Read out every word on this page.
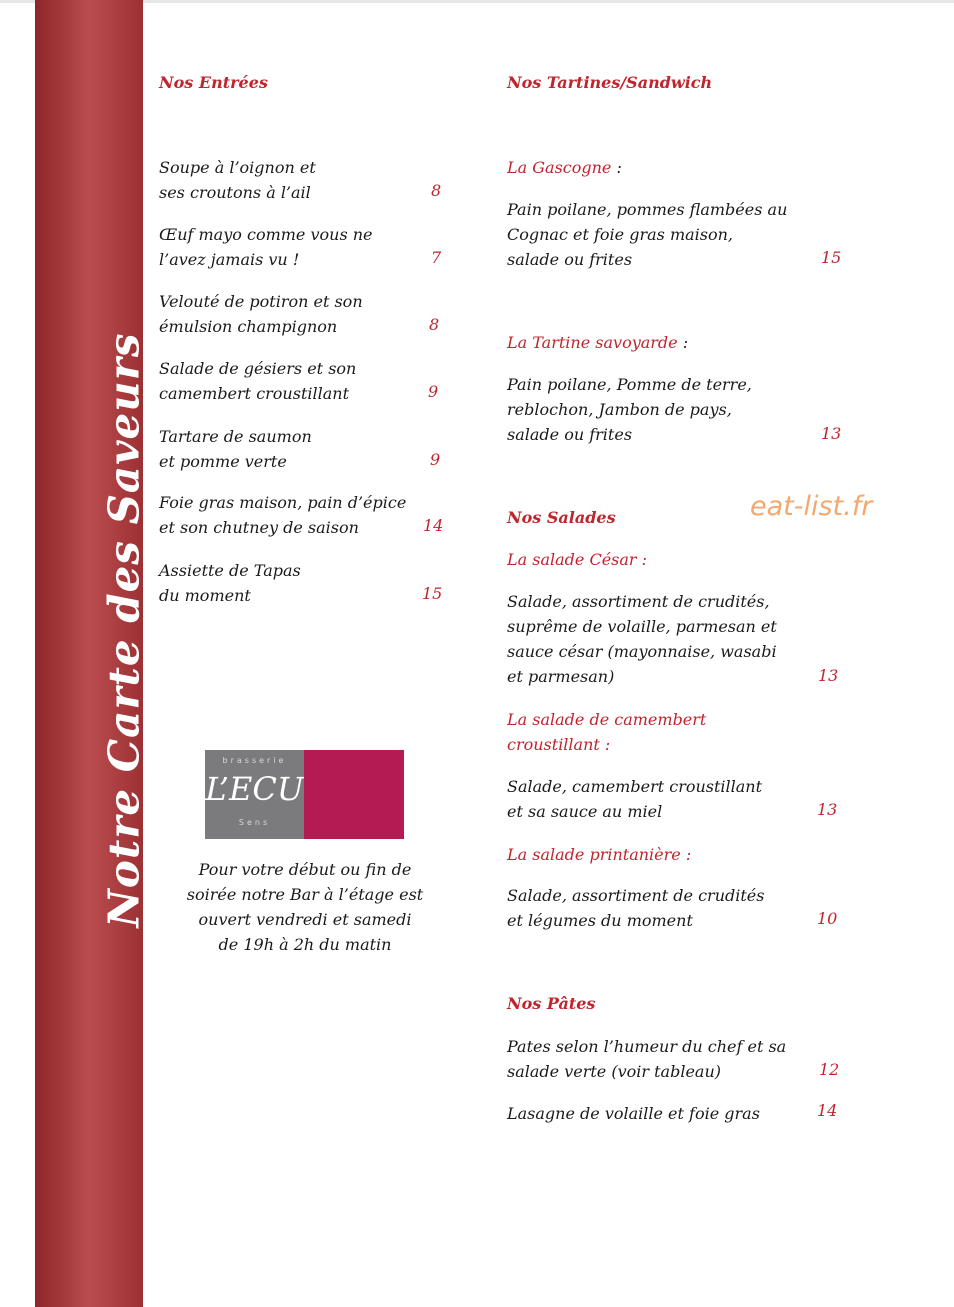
Notre Carte des Saveurs
Nos Entrées
Soupe à l’oignon et
ses croutons à l’ail	8
Œuf mayo comme vous ne
l’avez jamais vu !	7
Velouté de potiron et son
émulsion champignon	8
Salade de gésiers et son
camembert croustillant	9
Tartare de saumon
et pomme verte	9
Foie gras maison, pain d’épice
et son chutney de saison	14
Assiette de Tapas
du moment	15
brasserie
L’ECU
Sens
Pour votre début ou fin de
soirée notre Bar à l’étage est
ouvert vendredi et samedi
de 19h à 2h du matin
Nos Tartines/Sandwich
La Gascogne :
Pain poilane, pommes flambées au
Cognac et foie gras maison,
salade ou frites	15
La Tartine savoyarde :
Pain poilane, Pomme de terre,
reblochon, Jambon de pays,
salade ou frites	13
eat-list.fr
Nos Salades
La salade César :
Salade, assortiment de crudités,
suprême de volaille, parmesan et
sauce césar (mayonnaise, wasabi
et parmesan)	13
La salade de camembert
croustillant :
Salade, camembert croustillant
et sa sauce au miel	13
La salade printanière :
Salade, assortiment de crudités
et légumes du moment	10
Nos Pâtes
Pates selon l’humeur du chef et sa
salade verte (voir tableau)	12
Lasagne de volaille et foie gras	14
